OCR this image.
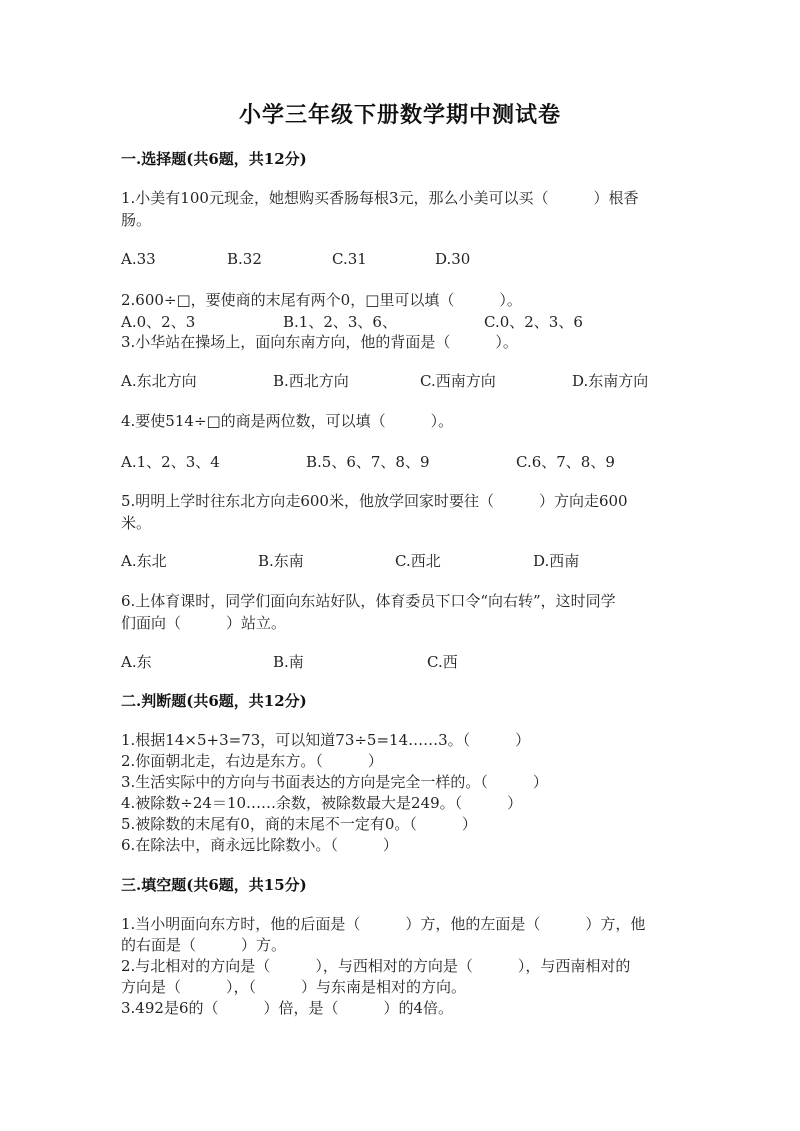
小学三年级下册数学期中测试卷
一.选择题(共6题，共12分)
1.小美有100元现金，她想购买香肠每根3元，那么小美可以买（　　　）根香
肠。
A.33	B.32	C.31	D.30
2.600÷□，要使商的末尾有两个0，□里可以填（　　　）。
A.0、2、3	B.1、2、3、6、	C.0、2、3、6
3.小华站在操场上，面向东南方向，他的背面是（　　　）。
A.东北方向	B.西北方向	C.西南方向	D.东南方向
4.要使514÷□的商是两位数，可以填（　　　）。
A.1、2、3、4	B.5、6、7、8、9	C.6、7、8、9
5.明明上学时往东北方向走600米，他放学回家时要往（　　　）方向走600
米。
A.东北	B.东南	C.西北	D.西南
6.上体育课时，同学们面向东站好队，体育委员下口令“向右转”，这时同学
们面向（　　　）站立。
A.东	B.南	C.西
二.判断题(共6题，共12分)
1.根据14×5+3=73，可以知道73÷5=14……3。（　　　）
2.你面朝北走，右边是东方。（　　　）
3.生活实际中的方向与书面表达的方向是完全一样的。（　　　）
4.被除数÷24＝10……余数，被除数最大是249。（　　　）
5.被除数的末尾有0，商的末尾不一定有0。（　　　）
6.在除法中，商永远比除数小。（　　　）
三.填空题(共6题，共15分)
1.当小明面向东方时，他的后面是（　　　）方，他的左面是（　　　）方，他
的右面是（　　　）方。
2.与北相对的方向是（　　　），与西相对的方向是（　　　），与西南相对的
方向是（　　　），（　　　）与东南是相对的方向。
3.492是6的（　　　）倍，是（　　　）的4倍。
